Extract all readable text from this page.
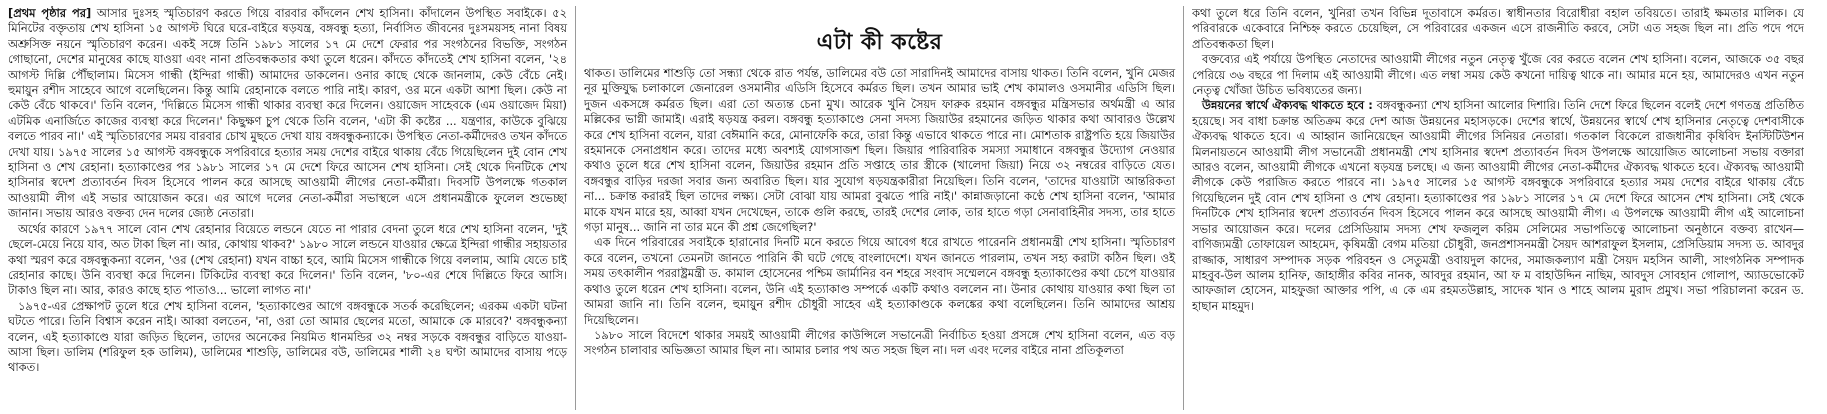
[প্রথম পৃষ্ঠার পর] আসার দুঃসহ স্মৃতিচারণ করতে গিয়ে বারবার কাঁদলেন শেখ হাসিনা। কাঁদালেন উপস্থিত সবাইকে। ৫২ মিনিটের বক্তৃতায় শেখ হাসিনা ১৫ আগস্ট ঘিরে ঘরে-বাইরে ষড়যন্ত্র, বঙ্গবন্ধু হত্যা, নির্বাসিত জীবনের দুঃসময়সহ নানা বিষয় অশ্রুসিক্ত নয়নে স্মৃতিচারণ করেন। একই সঙ্গে তিনি ১৯৮১ সালের ১৭ মে দেশে ফেরার পর সংগঠনের বিভক্তি, সংগঠন গোছানো, দেশের মানুষের কাছে যাওয়া এবং নানা প্রতিবন্ধকতার কথা তুলে ধরেন। কাঁদতে কাঁদতেই শেখ হাসিনা বলেন, '২৪ আগস্ট দিল্লি পৌঁছালাম। মিসেস গান্ধী (ইন্দিরা গান্ধী) আমাদের ডাকলেন। ওনার কাছে থেকে জানলাম, কেউ বেঁচে নেই। হুমায়ুন রশীদ সাহেবে আগে বলেছিলেন। কিন্তু আমি রেহানাকে বলতে পারি নাই। কারণ, ওর মনে একটা আশা ছিল। কেউ না কেউ বেঁচে থাকবে।' তিনি বলেন, 'দিল্লিতে মিসেস গান্ধী থাকার ব্যবস্থা করে দিলেন। ওয়াজেদ সাহেবকে (এম ওয়াজেদ মিয়া) এটমিক এনার্জিতে কাজের ব্যবস্থা করে দিলেন।' কিছুক্ষণ চুপ থেকে তিনি বলেন, 'এটা কী কষ্টের ... যন্ত্রণার, কাউকে বুঝিয়ে বলতে পারব না।' এই স্মৃতিচারণের সময় বারবার চোখ মুছতে দেখা যায় বঙ্গবন্ধুকন্যাকে। উপস্থিত নেতা-কর্মীদেরও তখন কাঁদতে দেখা যায়। ১৯৭৫ সালের ১৫ আগস্ট বঙ্গবন্ধুকে সপরিবারে হত্যার সময় দেশের বাইরে থাকায় বেঁচে গিয়েছিলেন দুই বোন শেখ হাসিনা ও শেখ রেহানা। হত্যাকাণ্ডের পর ১৯৮১ সালের ১৭ মে দেশে ফিরে আসেন শেখ হাসিনা। সেই থেকে দিনটিকে শেখ হাসিনার স্বদেশ প্রত্যাবর্তন দিবস হিসেবে পালন করে আসছে আওয়ামী লীগের নেতা-কর্মীরা। দিবসটি উপলক্ষে গতকাল আওয়ামী লীগ এই সভার আয়োজন করে। এর আগে দলের নেতা-কর্মীরা সভাস্থলে এসে প্রধানমন্ত্রীকে ফুলেল শুভেচ্ছা জানান। সভায় আরও বক্তব্য দেন দলের জ্যেষ্ঠ নেতারা।

অর্থের কারণে ১৯৭৭ সালে বোন শেখ রেহানার বিয়েতে লন্ডনে যেতে না পারার বেদনা তুলে ধরে শেখ হাসিনা বলেন, 'দুই ছেলে-মেয়ে নিয়ে যাব, অত টাকা ছিল না। আর, কোথায় থাকব?' ১৯৮০ সালে লন্ডনে যাওয়ার ক্ষেত্রে ইন্দিরা গান্ধীর সহায়তার কথা স্মরণ করে বঙ্গবন্ধুকন্যা বলেন, 'ওর (শেখ রেহানা) যখন বাচ্চা হবে, আমি মিসেস গান্ধীকে গিয়ে বললাম, আমি যেতে চাই রেহানার কাছে। উনি ব্যবস্থা করে দিলেন। টিকিটের ব্যবস্থা করে দিলেন।' তিনি বলেন, '৮০-এর শেষে দিল্লিতে ফিরে আসি। টাকাও ছিল না। আর, কারও কাছে হাত পাতাও... ভালো লাগত না।'

১৯৭৫-এর প্রেক্ষাপট তুলে ধরে শেখ হাসিনা বলেন, 'হত্যাকাণ্ডের আগে বঙ্গবন্ধুকে সতর্ক করেছিলেন; এরকম একটা ঘটনা ঘটতে পারে। তিনি বিশ্বাস করেন নাই। আব্বা বলতেন, 'না, ওরা তো আমার ছেলের মতো, আমাকে কে মারবে?' বঙ্গবন্ধুকন্যা বলেন, এই হত্যাকাণ্ডে যারা জড়িত ছিলেন, তাদের অনেকের নিয়মিত ধানমন্ডির ৩২ নম্বর সড়কে বঙ্গবন্ধুর বাড়িতে যাওয়া-আসা ছিল। ডালিম (শরিফুল হক ডালিম), ডালিমের শাশুড়ি, ডালিমের বউ, ডালিমের শালী ২৪ ঘণ্টা আমাদের বাসায় পড়ে থাকত।

এটা কী কষ্টের

থাকত। ডালিমের শাশুড়ি তো সন্ধ্যা থেকে রাত পর্যন্ত, ডালিমের বউ তো সারাদিনই আমাদের বাসায় থাকত। তিনি বলেন, খুনি মেজর নূর মুক্তিযুদ্ধ চলাকালে জেনারেল ওসমানীর এডিসি হিসেবে কর্মরত ছিল। তখন আমার ভাই শেখ কামালও ওসমানীর এডিসি ছিল। দুজন একসঙ্গে কর্মরত ছিল। এরা তো অত্যন্ত চেনা মুখ। আরেক খুনি সৈয়দ ফারুক রহমান বঙ্গবন্ধুর মন্ত্রিসভার অর্থমন্ত্রী এ আর মল্লিকের ভাগ্নী জামাই। এরাই ষড়যন্ত্র করল। বঙ্গবন্ধু হত্যাকাণ্ডে সেনা সদস্য জিয়াউর রহমানের জড়িত থাকার কথা আবারও উল্লেখ করে শেখ হাসিনা বলেন, যারা বেঈমানি করে, মোনাফেকি করে, তারা কিন্তু এভাবে থাকতে পারে না। মোশতাক রাষ্ট্রপতি হয়ে জিয়াউর রহমানকে সেনাপ্রধান করে। তাদের মধ্যে অবশ্যই যোগসাজশ ছিল। জিয়ার পারিবারিক সমস্যা সমাধানে বঙ্গবন্ধুর উদ্যোগ নেওয়ার কথাও তুলে ধরে শেখ হাসিনা বলেন, জিয়াউর রহমান প্রতি সপ্তাহে তার স্ত্রীকে (খালেদা জিয়া) নিয়ে ৩২ নম্বরের বাড়িতে যেত। বঙ্গবন্ধুর বাড়ির দরজা সবার জন্য অবারিত ছিল। যার সুযোগ ষড়যন্ত্রকারীরা নিয়েছিল। তিনি বলেন, 'তাদের যাওয়াটা আন্তরিকতা না... চক্রান্ত করারই ছিল তাদের লক্ষ্য। সেটা বোঝা যায় আমরা বুঝতে পারি নাই।' কান্নাজড়ানো কণ্ঠে শেখ হাসিনা বলেন, 'আমার মাকে যখন মারে হয়, আব্বা যখন দেখেছেন, তাকে গুলি করছে, তারই দেশের লোক, তার হাতে গড়া সেনাবাহিনীর সদস্য, তার হাতে গড়া মানুষ... জানি না তার মনে কী প্রশ্ন জেগেছিল?'

এক দিনে পরিবারের সবাইকে হারানোর দিনটি মনে করতে গিয়ে আবেগ ধরে রাখতে পারেননি প্রধানমন্ত্রী শেখ হাসিনা। স্মৃতিচারণ করে বলেন, তখনো তেমনটা জানতে পারিনি কী ঘটে গেছে বাংলাদেশে। যখন জানতে পারলাম, তখন সহ্য করাটা কঠিন ছিল। ওই সময় তৎকালীন পররাষ্ট্রমন্ত্রী ড. কামাল হোসেনের পশ্চিম জার্মানির বন শহরে সংবাদ সম্মেলনে বঙ্গবন্ধু হত্যাকাণ্ডের কথা চেপে যাওয়ার কথাও তুলে ধরেন শেখ হাসিনা। বলেন, উনি এই হত্যাকাণ্ড সম্পর্কে একটি কথাও বললেন না। উনার কোথায় যাওয়ার কথা ছিল তা আমরা জানি না। তিনি বলেন, হুমায়ুন রশীদ চৌধুরী সাহেব এই হত্যাকাণ্ডকে কলঙ্কের কথা বলেছিলেন। তিনি আমাদের আশ্রয় দিয়েছিলেন।

১৯৮০ সালে বিদেশে থাকার সময়ই আওয়ামী লীগের কাউন্সিলে সভানেত্রী নির্বাচিত হওয়া প্রসঙ্গে শেখ হাসিনা বলেন, এত বড় সংগঠন চালাবার অভিজ্ঞতা আমার ছিল না। আমার চলার পথ অত সহজ ছিল না। দল এবং দলের বাইরে নানা প্রতিকূলতা

কথা তুলে ধরে তিনি বলেন, খুনিরা তখন বিভিন্ন দূতাবাসে কর্মরত। স্বাধীনতার বিরোধীরা বহাল তবিয়তে। তারাই ক্ষমতার মালিক। যে পরিবারকে একেবারে নিশ্চিহ্ন করতে চেয়েছিল, সে পরিবারের একজন এসে রাজনীতি করবে, সেটা এত সহজ ছিল না। প্রতি পদে পদে প্রতিবন্ধকতা ছিল।

বক্তব্যের এই পর্যায়ে উপস্থিত নেতাদের আওয়ামী লীগের নতুন নেতৃত্ব খুঁজে বের করতে বলেন শেখ হাসিনা। বলেন, আজকে ৩৫ বছর পেরিয়ে ৩৬ বছরে পা দিলাম এই আওয়ামী লীগে। এত লম্বা সময় কেউ কখনো দায়িত্ব থাকে না। আমার মনে হয়, আমাদেরও এখন নতুন নেতৃত্ব খোঁজা উচিত ভবিষ্যতের জন্য।

উন্নয়নের স্বার্থে ঐক্যবদ্ধ থাকতে হবে : বঙ্গবন্ধুকন্যা শেখ হাসিনা আলোর দিশারি। তিনি দেশে ফিরে ছিলেন বলেই দেশে গণতন্ত্র প্রতিষ্ঠিত হয়েছে। সব বাধা চক্রান্ত অতিক্রম করে দেশ আজ উন্নয়নের মহাসড়কে। দেশের স্বার্থে, উন্নয়নের স্বার্থে শেখ হাসিনার নেতৃত্বে দেশবাসীকে ঐক্যবদ্ধ থাকতে হবে। এ আহ্বান জানিয়েছেন আওয়ামী লীগের সিনিয়র নেতারা। গতকাল বিকেলে রাজধানীর কৃষিবিদ ইনস্টিটিউশন মিলনায়তনে আওয়ামী লীগ সভানেত্রী প্রধানমন্ত্রী শেখ হাসিনার স্বদেশ প্রত্যাবর্তন দিবস উপলক্ষে আয়োজিত আলোচনা সভায় বক্তারা আরও বলেন, আওয়ামী লীগকে এখনো ষড়যন্ত্র চলছে। এ জন্য আওয়ামী লীগের নেতা-কর্মীদের ঐক্যবদ্ধ থাকতে হবে। ঐক্যবদ্ধ আওয়ামী লীগকে কেউ পরাজিত করতে পারবে না। ১৯৭৫ সালের ১৫ আগস্ট বঙ্গবন্ধুকে সপরিবারে হত্যার সময় দেশের বাইরে থাকায় বেঁচে গিয়েছিলেন দুই বোন শেখ হাসিনা ও শেখ রেহানা। হত্যাকাণ্ডের পর ১৯৮১ সালের ১৭ মে দেশে ফিরে আসেন শেখ হাসিনা। সেই থেকে দিনটিকে শেখ হাসিনার স্বদেশ প্রত্যাবর্তন দিবস হিসেবে পালন করে আসছে আওয়ামী লীগ। এ উপলক্ষে আওয়ামী লীগ এই আলোচনা সভার আয়োজন করে। দলের প্রেসিডিয়াম সদস্য শেখ ফজলুল করিম সেলিমের সভাপতিত্বে আলোচনা অনুষ্ঠানে বক্তব্য রাখেন— বাণিজ্যমন্ত্রী তোফায়েল আহমেদ, কৃষিমন্ত্রী বেগম মতিয়া চৌধুরী, জনপ্রশাসনমন্ত্রী সৈয়দ আশরাফুল ইসলাম, প্রেসিডিয়াম সদস্য ড. আবদুর রাজ্জাক, সাধারণ সম্পাদক সড়ক পরিবহন ও সেতুমন্ত্রী ওবায়দুল কাদের, সমাজকল্যাণ মন্ত্রী সৈয়দ মহসিন আলী, সাংগঠনিক সম্পাদক মাহবুব-উল আলম হানিফ, জাহাঙ্গীর কবির নানক, আবদুর রহমান, আ ফ ম বাহাউদ্দিন নাছিম, আবদুস সোবহান গোলাপ, অ্যাডভোকেট আফজাল হোসেন, মাহফুজা আক্তার পপি, এ কে এম রহমতউল্লাহ, সাদেক খান ও শাহে আলম মুরাদ প্রমুখ। সভা পরিচালনা করেন ড. হাছান মাহমুদ।
